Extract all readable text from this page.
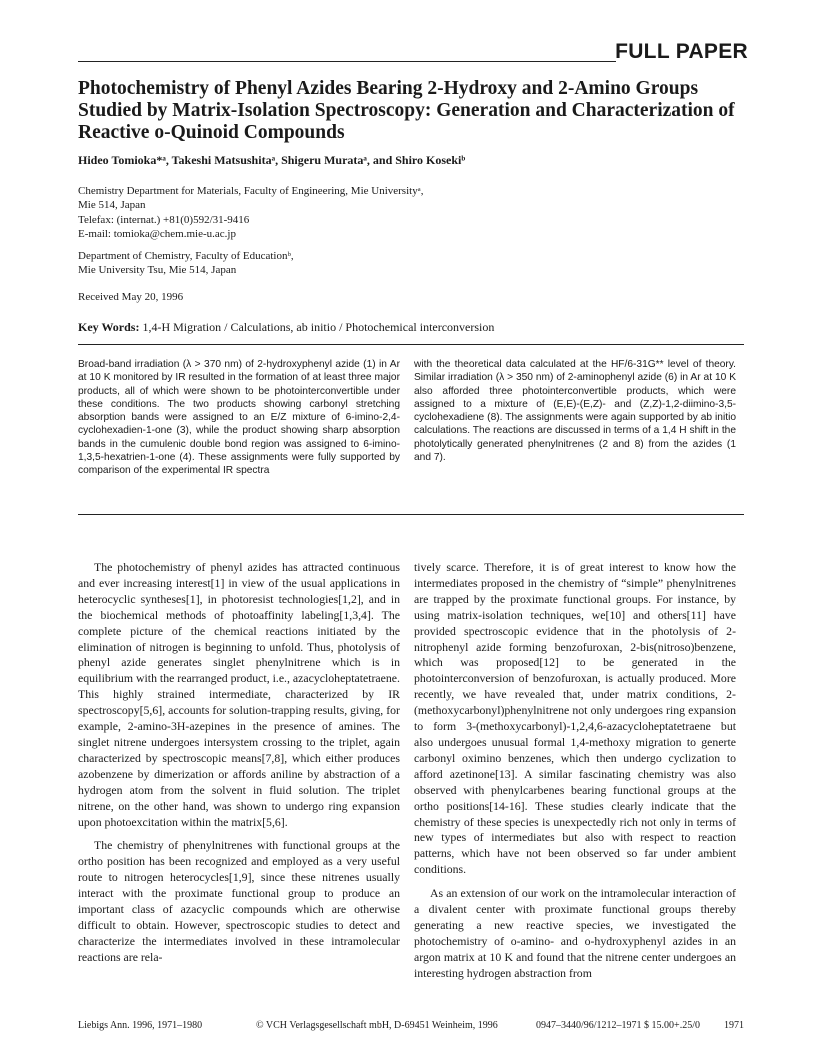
FULL PAPER
Photochemistry of Phenyl Azides Bearing 2-Hydroxy and 2-Amino Groups Studied by Matrix-Isolation Spectroscopy: Generation and Characterization of Reactive o-Quinoid Compounds
Hideo Tomioka*ᵃ, Takeshi Matsushitaᵃ, Shigeru Murataᵃ, and Shiro Kosekiᵇ
Chemistry Department for Materials, Faculty of Engineering, Mie Universityᵃ,
Mie 514, Japan
Telefax: (internat.) +81(0)592/31-9416
E-mail: tomioka@chem.mie-u.ac.jp
Department of Chemistry, Faculty of Educationᵇ,
Mie University Tsu, Mie 514, Japan
Received May 20, 1996
Key Words: 1,4-H Migration / Calculations, ab initio / Photochemical interconversion
Broad-band irradiation (λ > 370 nm) of 2-hydroxyphenyl azide (1) in Ar at 10 K monitored by IR resulted in the formation of at least three major products, all of which were shown to be photointerconvertible under these conditions. The two products showing carbonyl stretching absorption bands were assigned to an E/Z mixture of 6-imino-2,4-cyclohexadien-1-one (3), while the product showing sharp absorption bands in the cumulenic double bond region was assigned to 6-imino-1,3,5-hexatrien-1-one (4). These assignments were fully supported by comparison of the experimental IR spectra
with the theoretical data calculated at the HF/6-31G** level of theory. Similar irradiation (λ > 350 nm) of 2-aminophenyl azide (6) in Ar at 10 K also afforded three photointerconvertible products, which were assigned to a mixture of (E,E)-(E,Z)- and (Z,Z)-1,2-diimino-3,5-cyclohexadiene (8). The assignments were again supported by ab initio calculations. The reactions are discussed in terms of a 1,4 H shift in the photolytically generated phenylnitrenes (2 and 8) from the azides (1 and 7).

The photochemistry of phenyl azides has attracted continuous and ever increasing interest[1] in view of the usual applications in heterocyclic syntheses[1], in photoresist technologies[1,2], and in the biochemical methods of photoaffinity labeling[1,3,4]. The complete picture of the chemical reactions initiated by the elimination of nitrogen is beginning to unfold. Thus, photolysis of phenyl azide generates singlet phenylnitrene which is in equilibrium with the rearranged product, i.e., azacycloheptatetraene. This highly strained intermediate, characterized by IR spectroscopy[5,6], accounts for solution-trapping results, giving, for example, 2-amino-3H-azepines in the presence of amines. The singlet nitrene undergoes intersystem crossing to the triplet, again characterized by spectroscopic means[7,8], which either produces azobenzene by dimerization or affords aniline by abstraction of a hydrogen atom from the solvent in fluid solution. The triplet nitrene, on the other hand, was shown to undergo ring expansion upon photoexcitation within the matrix[5,6].

The chemistry of phenylnitrenes with functional groups at the ortho position has been recognized and employed as a very useful route to nitrogen heterocycles[1,9], since these nitrenes usually interact with the proximate functional group to produce an important class of azacyclic compounds which are otherwise difficult to obtain. However, spectroscopic studies to detect and characterize the intermediates involved in these intramolecular reactions are rela-

tively scarce. Therefore, it is of great interest to know how the intermediates proposed in the chemistry of “simple” phenylnitrenes are trapped by the proximate functional groups. For instance, by using matrix-isolation techniques, we[10] and others[11] have provided spectroscopic evidence that in the photolysis of 2-nitrophenyl azide forming benzofuroxan, 2-bis(nitroso)benzene, which was proposed[12] to be generated in the photointerconversion of benzofuroxan, is actually produced. More recently, we have revealed that, under matrix conditions, 2-(methoxycarbonyl)phenylnitrene not only undergoes ring expansion to form 3-(methoxycarbonyl)-1,2,4,6-azacycloheptatetraene but also undergoes unusual formal 1,4-methoxy migration to generte carbonyl oximino benzenes, which then undergo cyclization to afford azetinone[13]. A similar fascinating chemistry was also observed with phenylcarbenes bearing functional groups at the ortho positions[14-16]. These studies clearly indicate that the chemistry of these species is unexpectedly rich not only in terms of new types of intermediates but also with respect to reaction patterns, which have not been observed so far under ambient conditions.

As an extension of our work on the intramolecular interaction of a divalent center with proximate functional groups thereby generating a new reactive species, we investigated the photochemistry of o-amino- and o-hydroxyphenyl azides in an argon matrix at 10 K and found that the nitrene center undergoes an interesting hydrogen abstraction from

Liebigs Ann. 1996, 1971–1980	© VCH Verlagsgesellschaft mbH, D-69451 Weinheim, 1996	0947–3440/96/1212–1971 $ 15.00+.25/0 1971
